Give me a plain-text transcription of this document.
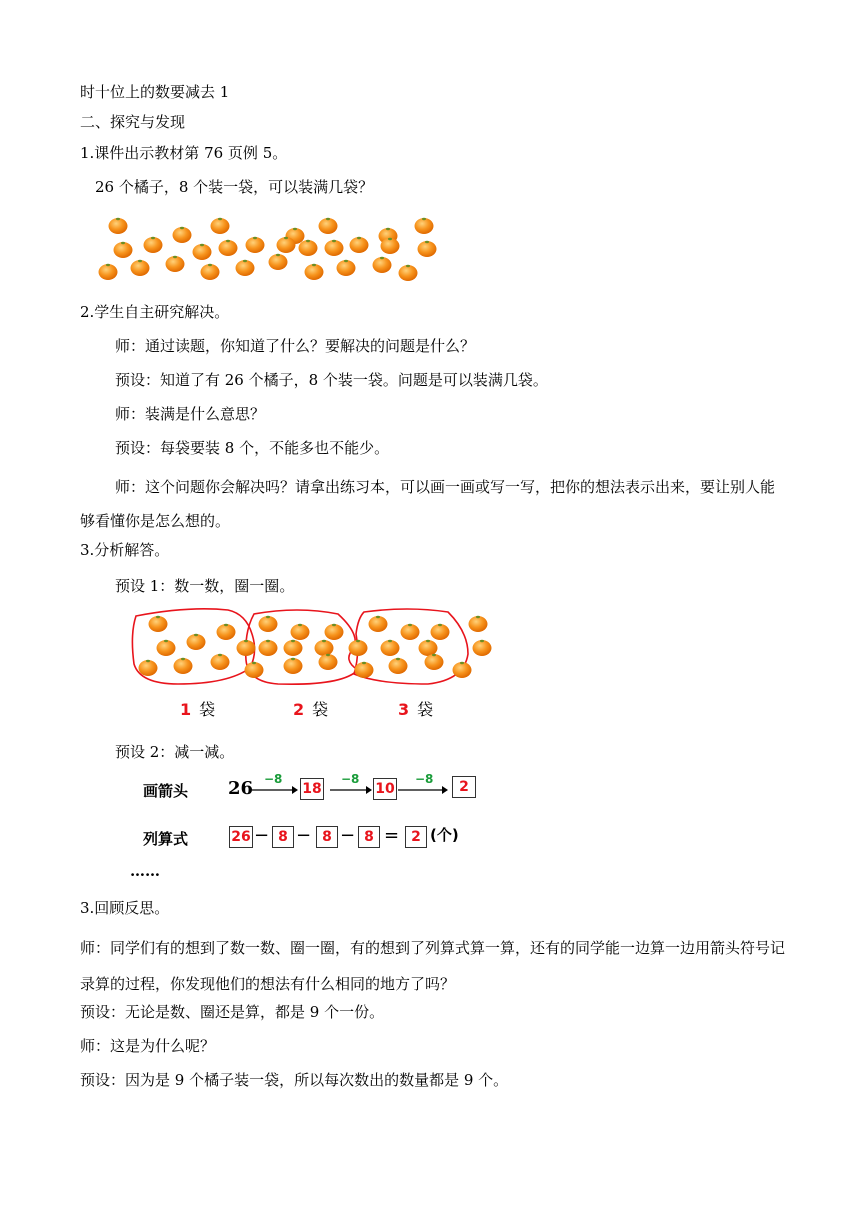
时十位上的数要减去 1
二、探究与发现
1.课件出示教材第 76 页例 5。
26 个橘子，8 个装一袋，可以装满几袋？
2.学生自主研究解决。
师：通过读题，你知道了什么？要解决的问题是什么？
预设：知道了有 26 个橘子，8 个装一袋。问题是可以装满几袋。
师：装满是什么意思？
预设：每袋要装 8 个，不能多也不能少。
师：这个问题你会解决吗？请拿出练习本，可以画一画或写一写，把你的想法表示出来，要让别人能够看懂你是怎么想的。
3.分析解答。
预设 1：数一数，圈一圈。
1 袋	2 袋	3 袋
预设 2：减一减。
画箭头 26 −8	−8	−8
18	10	2
列算式	26 − 8 − 8 − 8 = 2 (个)
……
3.回顾反思。
师：同学们有的想到了数一数、圈一圈，有的想到了列算式算一算，还有的同学能一边算一边用箭头符号记录算的过程，你发现他们的想法有什么相同的地方了吗？
预设：无论是数、圈还是算，都是 9 个一份。
师：这是为什么呢？
预设：因为是 9 个橘子装一袋，所以每次数出的数量都是 9 个。
